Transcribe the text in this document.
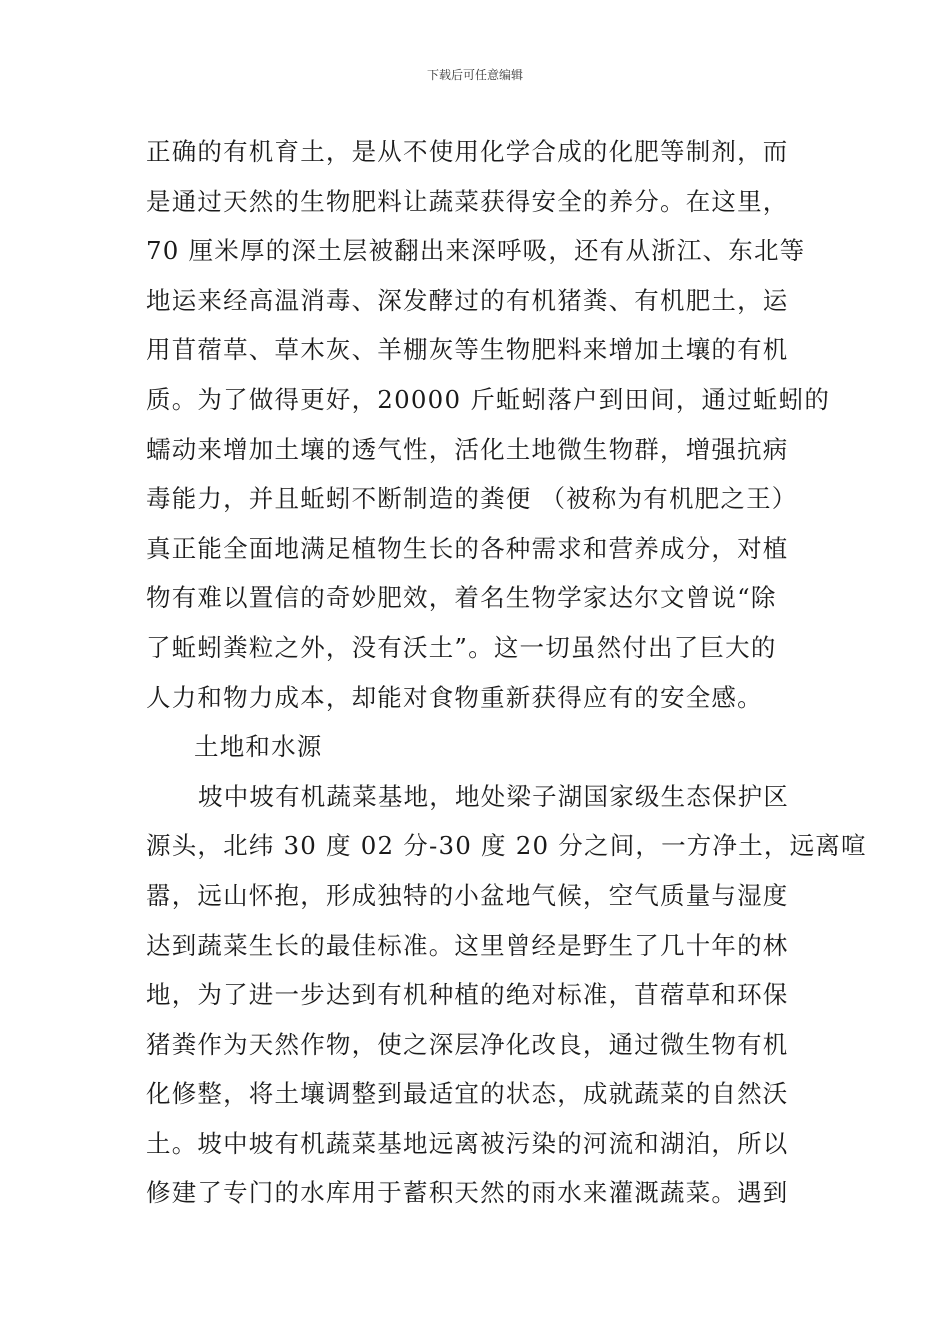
下载后可任意编辑
正确的有机育土，是从不使用化学合成的化肥等制剂，而
是通过天然的生物肥料让蔬菜获得安全的养分。在这里，
70 厘米厚的深土层被翻出来深呼吸，还有从浙江、东北等
地运来经高温消毒、深发酵过的有机猪粪、有机肥土，运
用苜蓿草、草木灰、羊棚灰等生物肥料来增加土壤的有机
质。为了做得更好，20000 斤蚯蚓落户到田间，通过蚯蚓的
蠕动来增加土壤的透气性，活化土地微生物群，增强抗病
毒能力，并且蚯蚓不断制造的粪便 （被称为有机肥之王）
真正能全面地满足植物生长的各种需求和营养成分，对植
物有难以置信的奇妙肥效，着名生物学家达尔文曾说“除
了蚯蚓粪粒之外，没有沃土”。这一切虽然付出了巨大的
人力和物力成本，却能对食物重新获得应有的安全感。
土地和水源
坡中坡有机蔬菜基地，地处梁子湖国家级生态保护区
源头，北纬 30 度 02 分-30 度 20 分之间，一方净土，远离喧
嚣，远山怀抱，形成独特的小盆地气候，空气质量与湿度
达到蔬菜生长的最佳标准。这里曾经是野生了几十年的林
地，为了进一步达到有机种植的绝对标准，苜蓿草和环保
猪粪作为天然作物，使之深层净化改良，通过微生物有机
化修整，将土壤调整到最适宜的状态，成就蔬菜的自然沃
土。坡中坡有机蔬菜基地远离被污染的河流和湖泊，所以
修建了专门的水库用于蓄积天然的雨水来灌溉蔬菜。遇到
